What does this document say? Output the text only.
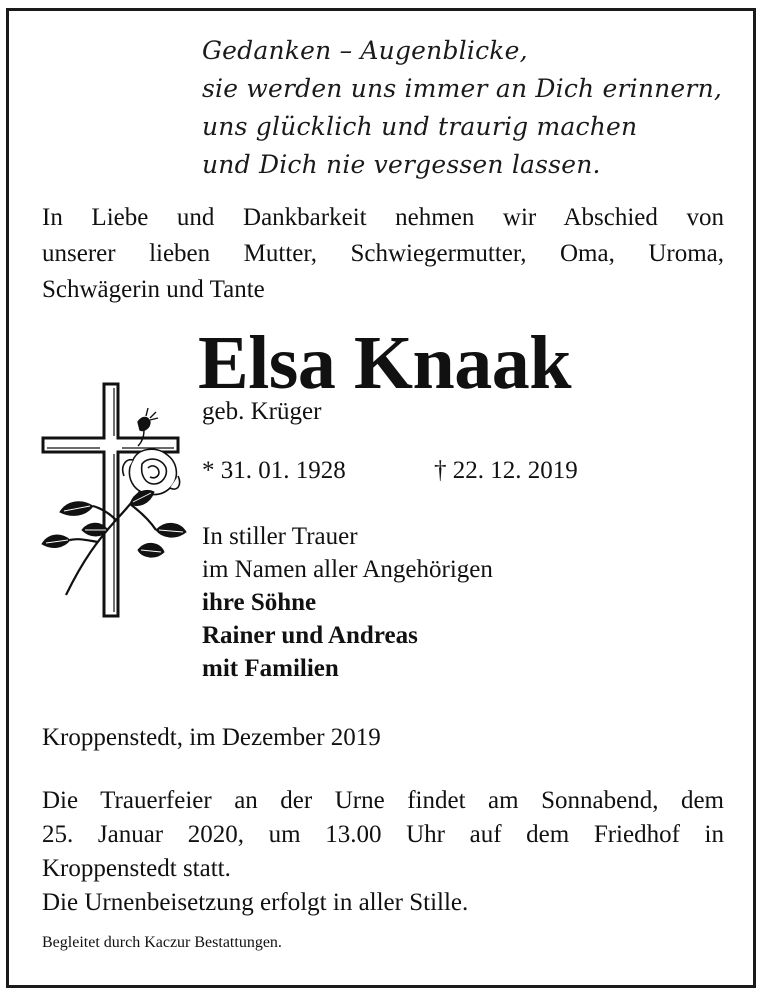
Gedanken – Augenblicke,
sie werden uns immer an Dich erinnern,
uns glücklich und traurig machen
und Dich nie vergessen lassen.
In Liebe und Dankbarkeit nehmen wir Abschied von
unserer lieben Mutter, Schwiegermutter, Oma, Uroma,
Schwägerin und Tante
Elsa Knaak
geb. Krüger
* 31. 01. 1928	† 22. 12. 2019
In stiller Trauer
im Namen aller Angehörigen
ihre Söhne
Rainer und Andreas
mit Familien
Kroppenstedt, im Dezember 2019
Die Trauerfeier an der Urne findet am Sonnabend, dem
25. Januar 2020, um 13.00 Uhr auf dem Friedhof in
Kroppenstedt statt.
Die Urnenbeisetzung erfolgt in aller Stille.
Begleitet durch Kaczur Bestattungen.
